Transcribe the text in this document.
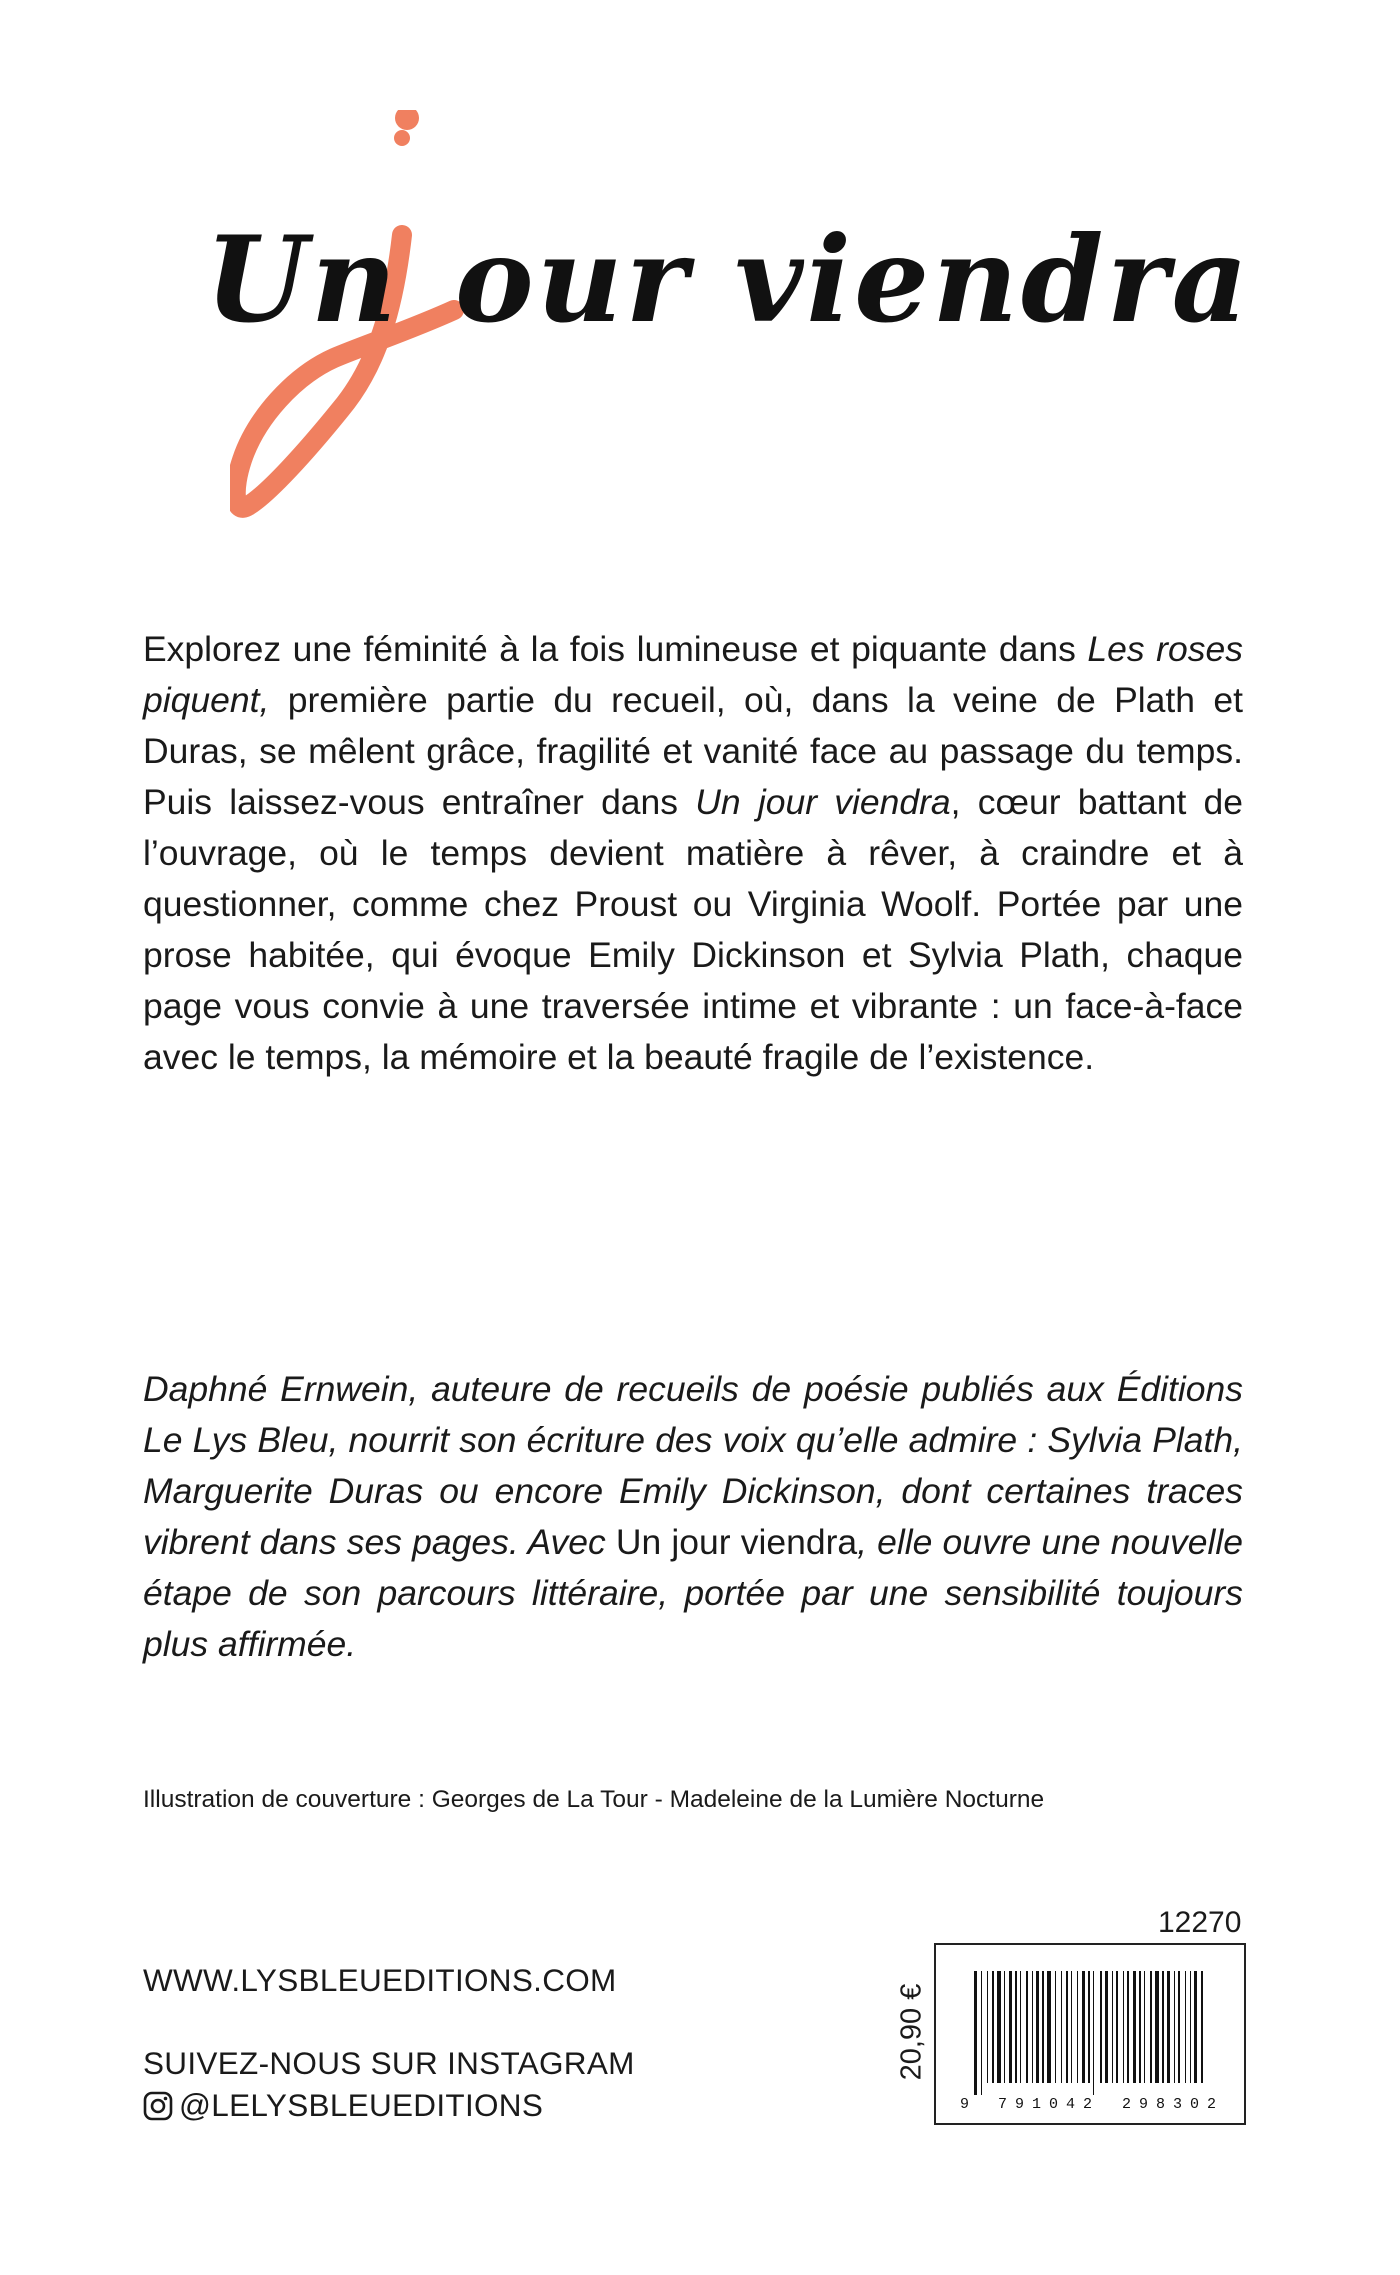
Un our viendra

Explorez une féminité à la fois lumineuse et piquante dans Les roses piquent, première partie du recueil, où, dans la veine de Plath et Duras, se mêlent grâce, fragilité et vanité face au passage du temps. Puis laissez-vous entraîner dans Un jour viendra, cœur battant de l’ouvrage, où le temps devient matière à rêver, à craindre et à questionner, comme chez Proust ou Virginia Woolf. Portée par une prose habitée, qui évoque Emily Dickinson et Sylvia Plath, chaque page vous convie à une traversée intime et vibrante : un face-à-face avec le temps, la mémoire et la beauté fragile de l’existence.

Daphné Ernwein, auteure de recueils de poésie publiés aux Éditions Le Lys Bleu, nourrit son écriture des voix qu’elle admire : Sylvia Plath, Marguerite Duras ou encore Emily Dickinson, dont certaines traces vibrent dans ses pages. Avec Un jour viendra, elle ouvre une nouvelle étape de son parcours littéraire, portée par une sensibilité toujours plus affirmée.

Illustration de couverture : Georges de La Tour - Madeleine de la Lumière Nocturne

WWW.LYSBLEUEDITIONS.COM

SUIVEZ-NOUS SUR INSTAGRAM

@LELYSBLEUEDITIONS

12270

20,90 €
9 7 9 1 0 4 2 2 9 8 3 0 2
